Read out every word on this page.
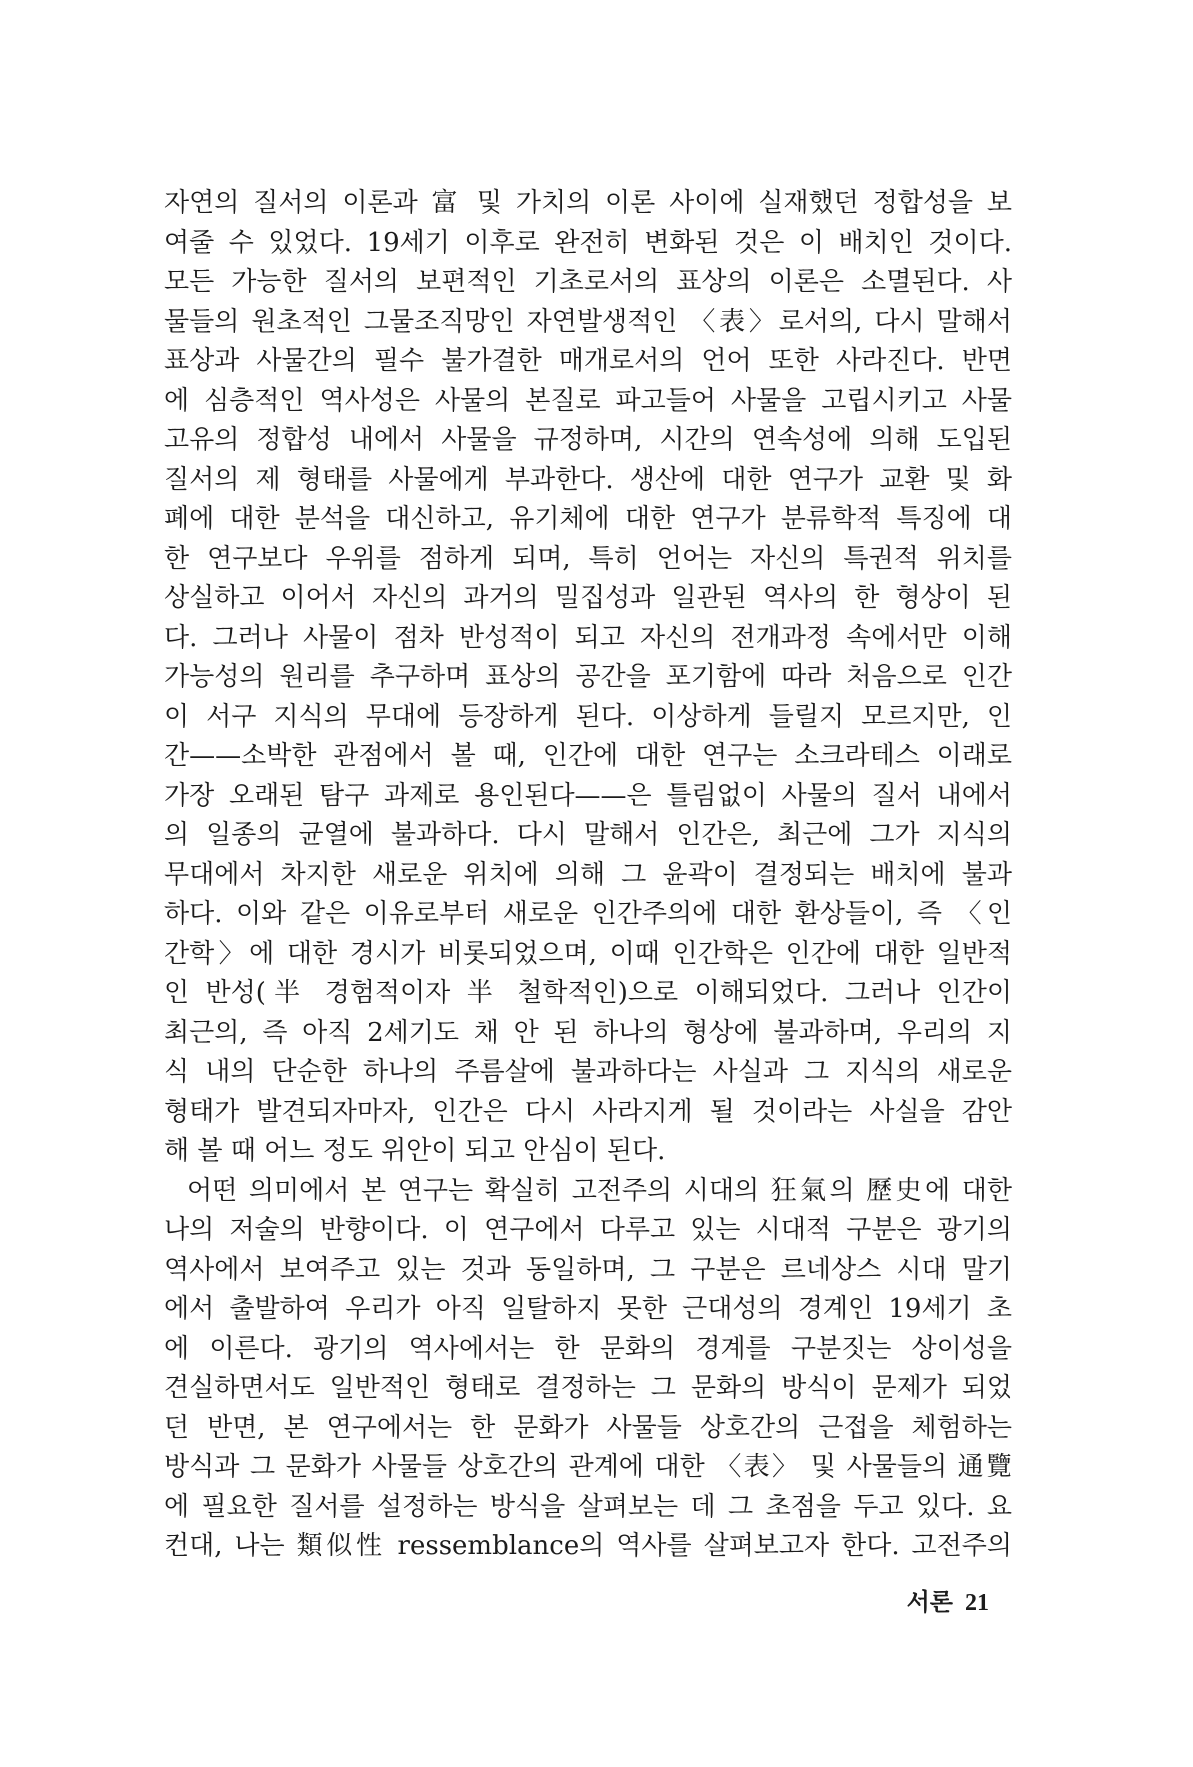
자연의 질서의 이론과 富 및 가치의 이론 사이에 실재했던 정합성을 보
여줄 수 있었다. 19세기 이후로 완전히 변화된 것은 이 배치인 것이다.
모든 가능한 질서의 보편적인 기초로서의 표상의 이론은 소멸된다. 사
물들의 원초적인 그물조직망인 자연발생적인 〈表〉로서의, 다시 말해서
표상과 사물간의 필수 불가결한 매개로서의 언어 또한 사라진다. 반면
에 심층적인 역사성은 사물의 본질로 파고들어 사물을 고립시키고 사물
고유의 정합성 내에서 사물을 규정하며, 시간의 연속성에 의해 도입된
질서의 제 형태를 사물에게 부과한다. 생산에 대한 연구가 교환 및 화
폐에 대한 분석을 대신하고, 유기체에 대한 연구가 분류학적 특징에 대
한 연구보다 우위를 점하게 되며, 특히 언어는 자신의 특권적 위치를
상실하고 이어서 자신의 과거의 밀집성과 일관된 역사의 한 형상이 된
다. 그러나 사물이 점차 반성적이 되고 자신의 전개과정 속에서만 이해
가능성의 원리를 추구하며 표상의 공간을 포기함에 따라 처음으로 인간
이 서구 지식의 무대에 등장하게 된다. 이상하게 들릴지 모르지만, 인
간——소박한 관점에서 볼 때, 인간에 대한 연구는 소크라테스 이래로
가장 오래된 탐구 과제로 용인된다——은 틀림없이 사물의 질서 내에서
의 일종의 균열에 불과하다. 다시 말해서 인간은, 최근에 그가 지식의
무대에서 차지한 새로운 위치에 의해 그 윤곽이 결정되는 배치에 불과
하다. 이와 같은 이유로부터 새로운 인간주의에 대한 환상들이, 즉 〈인
간학〉에 대한 경시가 비롯되었으며, 이때 인간학은 인간에 대한 일반적
인 반성(半 경험적이자 半 철학적인)으로 이해되었다. 그러나 인간이
최근의, 즉 아직 2세기도 채 안 된 하나의 형상에 불과하며, 우리의 지
식 내의 단순한 하나의 주름살에 불과하다는 사실과 그 지식의 새로운
형태가 발견되자마자, 인간은 다시 사라지게 될 것이라는 사실을 감안
해 볼 때 어느 정도 위안이 되고 안심이 된다.
어떤 의미에서 본 연구는 확실히 고전주의 시대의 狂氣의 歷史에 대한
나의 저술의 반향이다. 이 연구에서 다루고 있는 시대적 구분은 광기의
역사에서 보여주고 있는 것과 동일하며, 그 구분은 르네상스 시대 말기
에서 출발하여 우리가 아직 일탈하지 못한 근대성의 경계인 19세기 초
에 이른다. 광기의 역사에서는 한 문화의 경계를 구분짓는 상이성을
견실하면서도 일반적인 형태로 결정하는 그 문화의 방식이 문제가 되었
던 반면, 본 연구에서는 한 문화가 사물들 상호간의 근접을 체험하는
방식과 그 문화가 사물들 상호간의 관계에 대한 〈表〉 및 사물들의 通覽
에 필요한 질서를 설정하는 방식을 살펴보는 데 그 초점을 두고 있다. 요
컨대, 나는 類似性 ressemblance의 역사를 살펴보고자 한다. 고전주의
서론 21
